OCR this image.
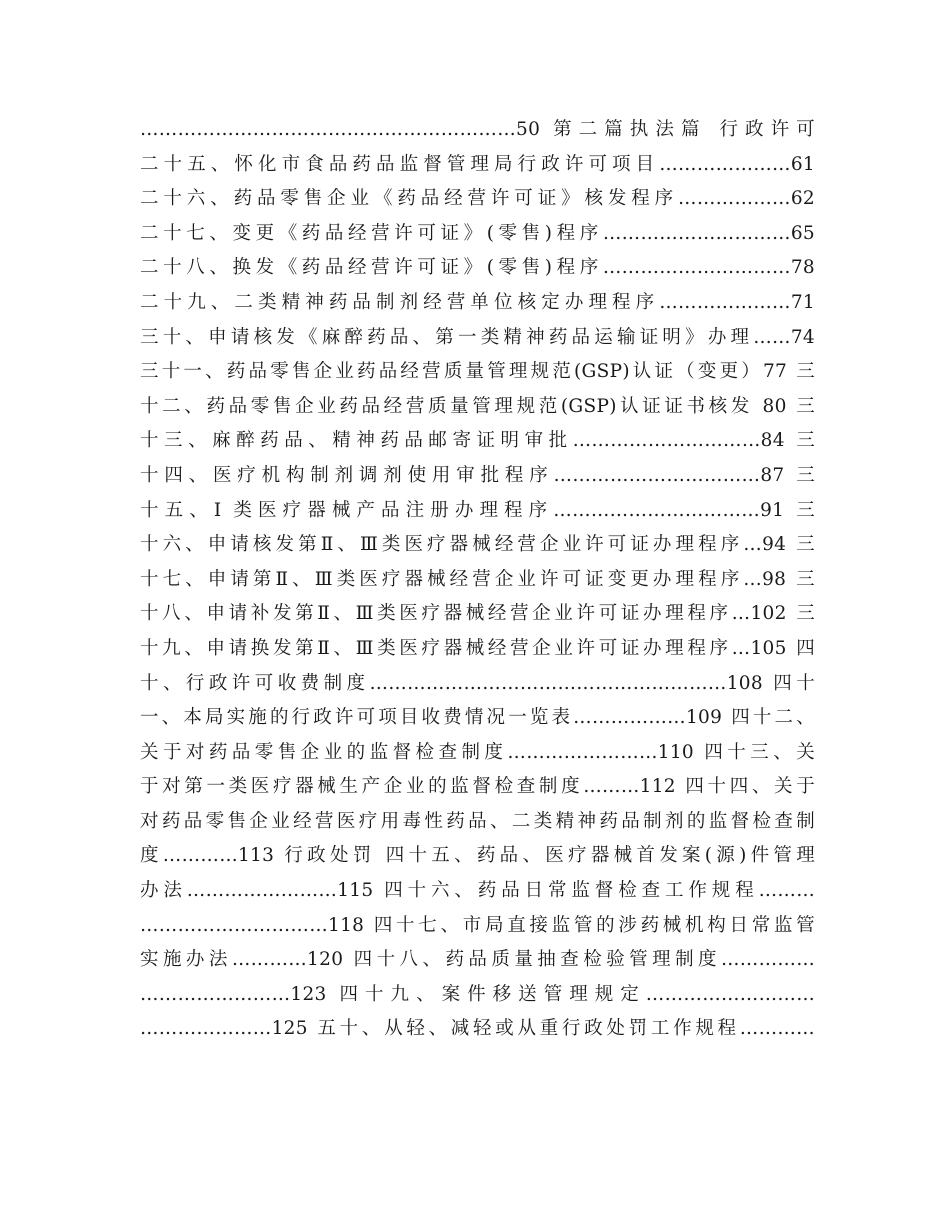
……………………………………………………50 第二篇执法篇 行政许可
二十五、怀化市食品药品监督管理局行政许可项目…………………61
二十六、药品零售企业《药品经营许可证》核发程序………………62
二十七、变更《药品经营许可证》(零售)程序…………………………65
二十八、换发《药品经营许可证》(零售)程序…………………………78
二十九、二类精神药品制剂经营单位核定办理程序…………………71
三十、申请核发《麻醉药品、第一类精神药品运输证明》办理……74
三十一、药品零售企业药品经营质量管理规范(GSP)认证（变更）77 三
十二、药品零售企业药品经营质量管理规范(GSP)认证证书核发 80 三
十三、麻醉药品、精神药品邮寄证明审批…………………………84 三
十四、医疗机构制剂调剂使用审批程序……………………………87 三
十五、I 类医疗器械产品注册办理程序……………………………91 三
十六、申请核发第Ⅱ、Ⅲ类医疗器械经营企业许可证办理程序…94 三
十七、申请第Ⅱ、Ⅲ类医疗器械经营企业许可证变更办理程序…98 三
十八、申请补发第Ⅱ、Ⅲ类医疗器械经营企业许可证办理程序…102 三
十九、申请换发第Ⅱ、Ⅲ类医疗器械经营企业许可证办理程序…105 四
十、行政许可收费制度…………………………………………………108 四十
一、本局实施的行政许可项目收费情况一览表………………109 四十二、
关于对药品零售企业的监督检查制度……………………110 四十三、关
于对第一类医疗器械生产企业的监督检查制度………112 四十四、关于
对药品零售企业经营医疗用毒性药品、二类精神药品制剂的监督检查制
度…………113 行政处罚 四十五、药品、医疗器械首发案(源)件管理
办法……………………115 四十六、药品日常监督检查工作规程………
…………………………118 四十七、市局直接监管的涉药械机构日常监管
实施办法…………120 四十八、药品质量抽查检验管理制度……………
……………………123 四十九、案件移送管理规定………………………
…………………125 五十、从轻、减轻或从重行政处罚工作规程…………
